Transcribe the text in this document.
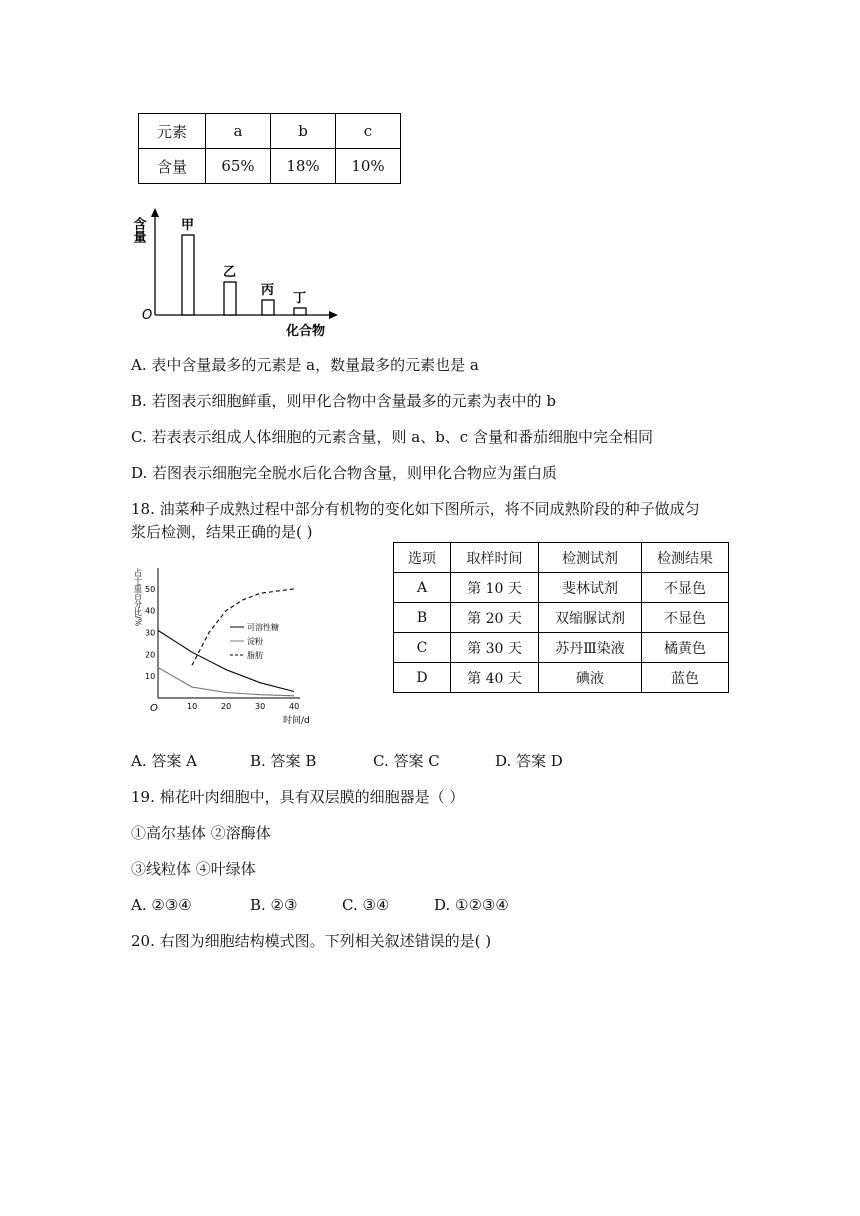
元素	a	b	c
含量	65%	18%	10%
O
含量
化合物
甲
乙
丙
丁
A. 表中含量最多的元素是 a，数量最多的元素也是 a
B. 若图表示细胞鲜重，则甲化合物中含量最多的元素为表中的 b
C. 若表表示组成人体细胞的元素含量，则 a、b、c 含量和番茄细胞中完全相同
D. 若图表示细胞完全脱水后化合物含量，则甲化合物应为蛋白质
18. 油菜种子成熟过程中部分有机物的变化如下图所示，将不同成熟阶段的种子做成匀
浆后检测，结果正确的是( )
占干重百分比/%
O
时间/d
10	20	30	40
10
20
30
40
50
可溶性糖
淀粉
脂肪
选项	取样时间	检测试剂	检测结果
A	第 10 天	斐林试剂	不显色
B	第 20 天	双缩脲试剂	不显色
C	第 30 天	苏丹Ⅲ染液	橘黄色
D	第 40 天	碘液	蓝色
A. 答案 A	B. 答案 B	C. 答案 C	D. 答案 D
19. 棉花叶肉细胞中，具有双层膜的细胞器是（ ）
①高尔基体 ②溶酶体
③线粒体 ④叶绿体
A. ②③④	B. ②③	C. ③④	D. ①②③④
20. 右图为细胞结构模式图。下列相关叙述错误的是( )
